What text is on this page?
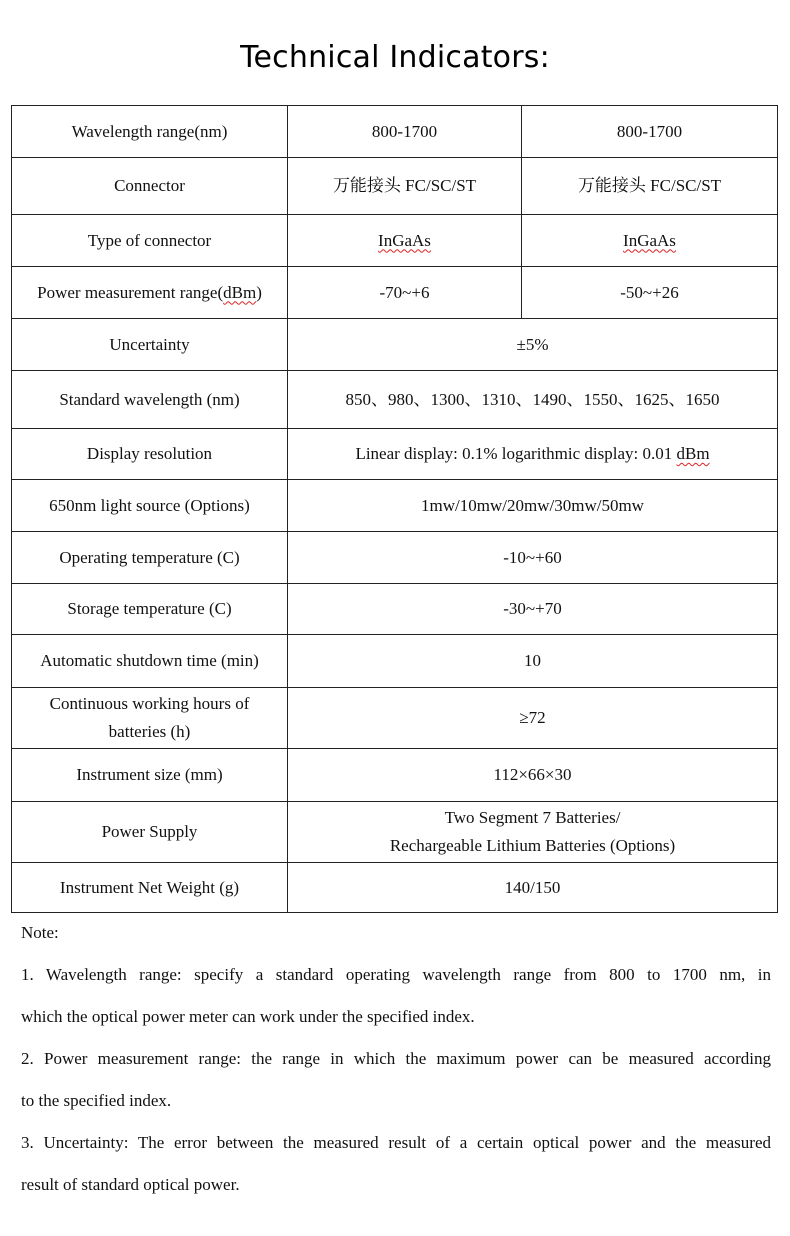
Technical Indicators:
Wavelength range(nm)	800-1700	800-1700
Connector	万能接头 FC/SC/ST	万能接头 FC/SC/ST
Type of connector	InGaAs	InGaAs
Power measurement range(dBm)	-70~+6	-50~+26
Uncertainty	±5%	
Standard wavelength (nm)	850、980、1300、1310、1490、1550、1625、1650	
Display resolution	Linear display: 0.1% logarithmic display: 0.01 dBm	
650nm light source (Options)	1mw/10mw/20mw/30mw/50mw	
Operating temperature (C)	-10~+60	
Storage temperature (C)	-30~+70	
Automatic shutdown time (min)	10	

Continuous working hours of
batteries (h)	≥72	
Instrument size (mm)	112×66×30	
Power Supply	Two Segment 7 Batteries/
Rechargeable Lithium Batteries (Options)	

Instrument Net Weight (g)	140/150	

Note:

1. Wavelength range: specify a standard operating wavelength range from 800 to 1700 nm, in

which the optical power meter can work under the specified index.

2. Power measurement range: the range in which the maximum power can be measured according

to the specified index.

3. Uncertainty: The error between the measured result of a certain optical power and the measured

result of standard optical power.
